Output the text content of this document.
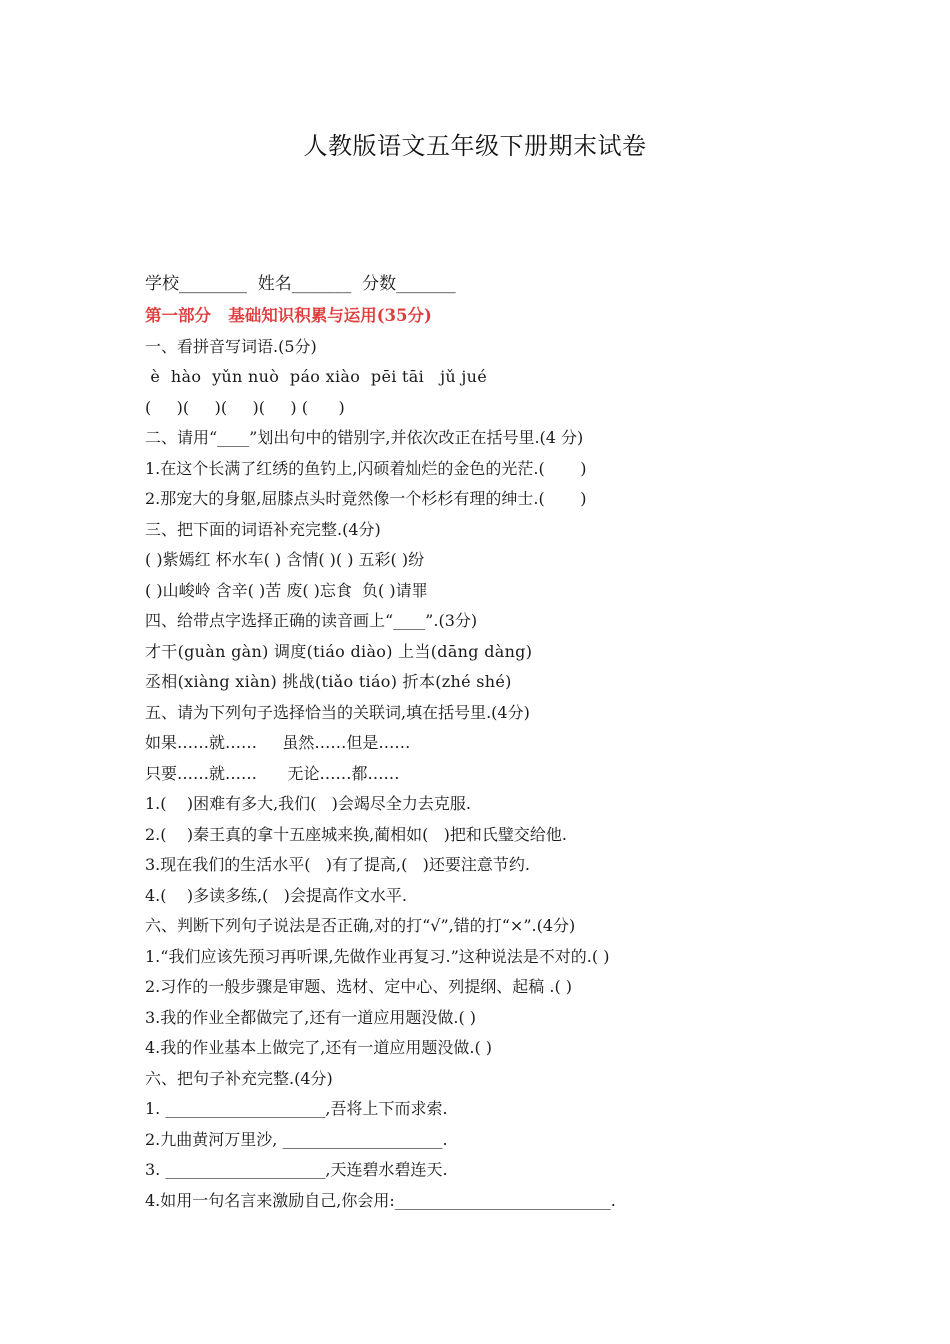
人教版语文五年级下册期末试卷
学校________  姓名_______  分数_______
第一部分   基础知识积累与运用(35分)
一、看拼音写词语.(5分)
è  hào  yǔn nuò  páo xiào  pēi tāi   jǔ jué
(     )(     )(     )(     ) (      )
二、请用“____”划出句中的错别字,并依次改正在括号里.(4 分)
1.在这个长满了红绣的鱼钓上,闪硕着灿烂的金色的光茫.(       )
2.那宠大的身躯,屈膝点头时竟然像一个杉杉有理的绅士.(       )
三、把下面的词语补充完整.(4分)
( )紫嫣红 杯水车( ) 含情( )( ) 五彩( )纷
( )山峻岭 含辛( )苦 废( )忘食  负( )请罪
四、给带点字选择正确的读音画上“____”.(3分)
才干(guàn gàn) 调度(tiáo diào) 上当(dāng dàng)
丞相(xiàng xiàn) 挑战(tiǎo tiáo) 折本(zhé shé)
五、请为下列句子选择恰当的关联词,填在括号里.(4分)
如果……就……     虽然……但是……
只要……就……      无论……都……
1.(    )困难有多大,我们(   )会竭尽全力去克服.
2.(    )秦王真的拿十五座城来换,蔺相如(   )把和氏璧交给他.
3.现在我们的生活水平(   )有了提高,(   )还要注意节约.
4.(    )多读多练,(   )会提高作文水平.
六、判断下列句子说法是否正确,对的打“√”,错的打“×”.(4分)
1.“我们应该先预习再听课,先做作业再复习.”这种说法是不对的.( )
2.习作的一般步骤是审题、选材、定中心、列提纲、起稿 .( )
3.我的作业全都做完了,还有一道应用题没做.( )
4.我的作业基本上做完了,还有一道应用题没做.( )
六、把句子补充完整.(4分)
1. ____________________,吾将上下而求索.
2.九曲黄河万里沙, ____________________.
3. ____________________,天连碧水碧连天.
4.如用一句名言来激励自己,你会用:___________________________.
